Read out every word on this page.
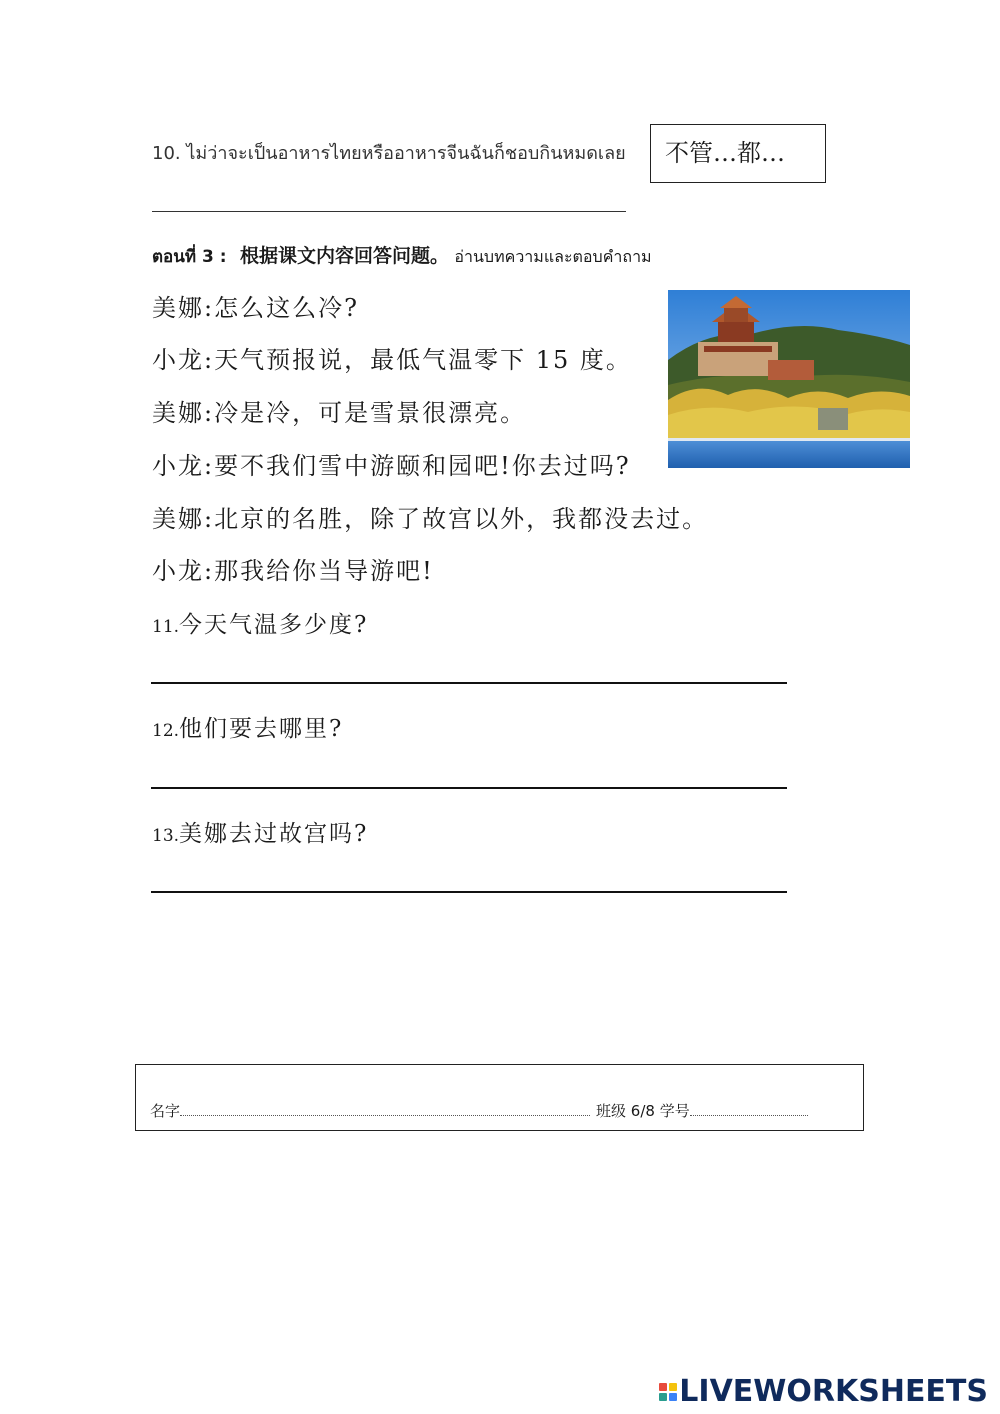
10. ไม่ว่าจะเป็นอาหารไทยหรืออาหารจีนฉันก็ชอบกินหมดเลย	不管…都…
ตอนที่ 3 : 根据课文内容回答问题。 อ่านบทความและตอบคำถาม
美娜:怎么这么冷?
小龙:天气预报说，最低气温零下 15 度。
美娜:冷是冷，可是雪景很漂亮。
小龙:要不我们雪中游颐和园吧!你去过吗?
美娜:北京的名胜，除了故宫以外，我都没去过。
小龙:那我给你当导游吧!
11.今天气温多少度?
12.他们要去哪里?
13.美娜去过故宫吗?
名字	班级 6/8 学号
LIVEWORKSHEETS
